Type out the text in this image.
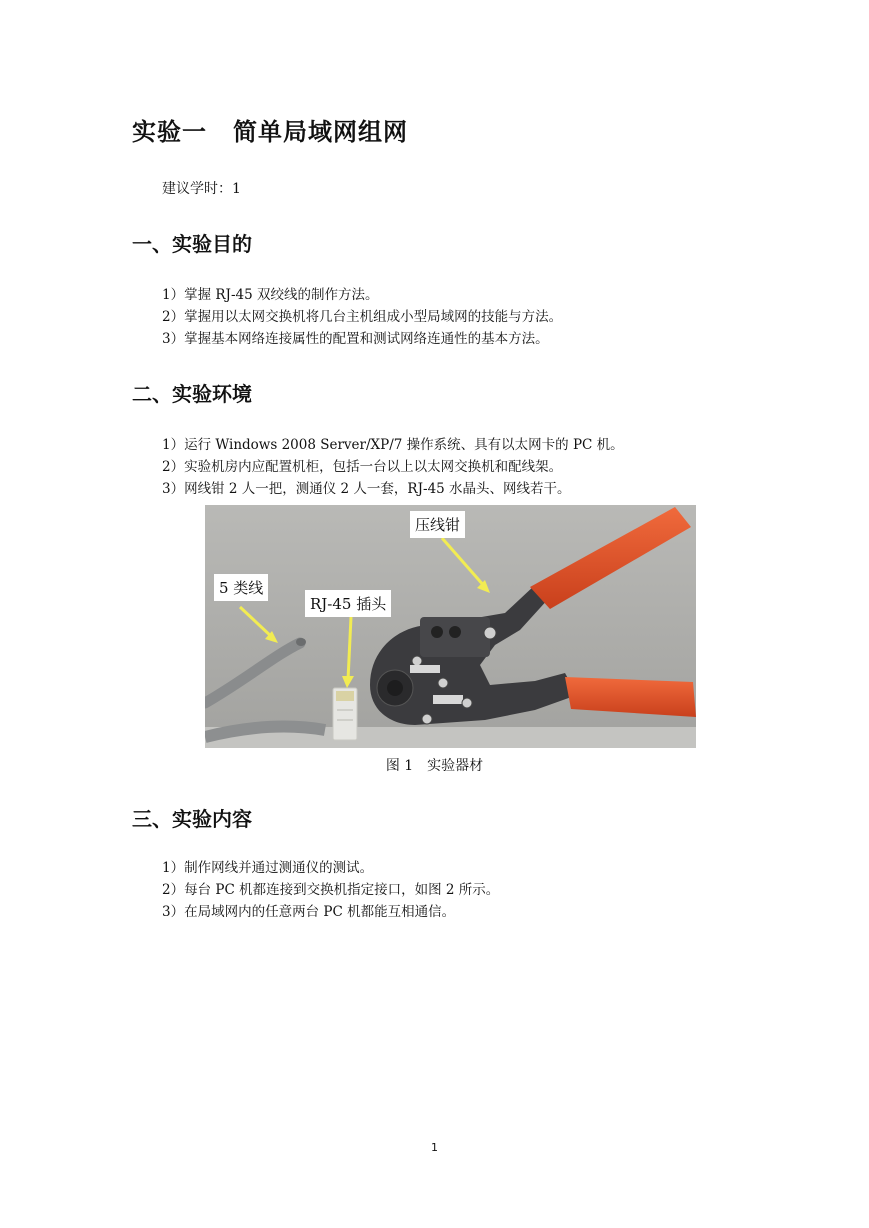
实验一 简单局域网组网
建议学时：1
一、实验目的
1）掌握 RJ-45 双绞线的制作方法。
2）掌握用以太网交换机将几台主机组成小型局域网的技能与方法。
3）掌握基本网络连接属性的配置和测试网络连通性的基本方法。
二、实验环境
1）运行 Windows 2008 Server/XP/7 操作系统、具有以太网卡的 PC 机。
2）实验机房内应配置机柜，包括一台以上以太网交换机和配线架。
3）网线钳 2 人一把，测通仪 2 人一套，RJ-45 水晶头、网线若干。
压线钳
5 类线
RJ-45 插头
图 1 实验器材
三、实验内容
1）制作网线并通过测通仪的测试。
2）每台 PC 机都连接到交换机指定接口，如图 2 所示。
3）在局域网内的任意两台 PC 机都能互相通信。
1
